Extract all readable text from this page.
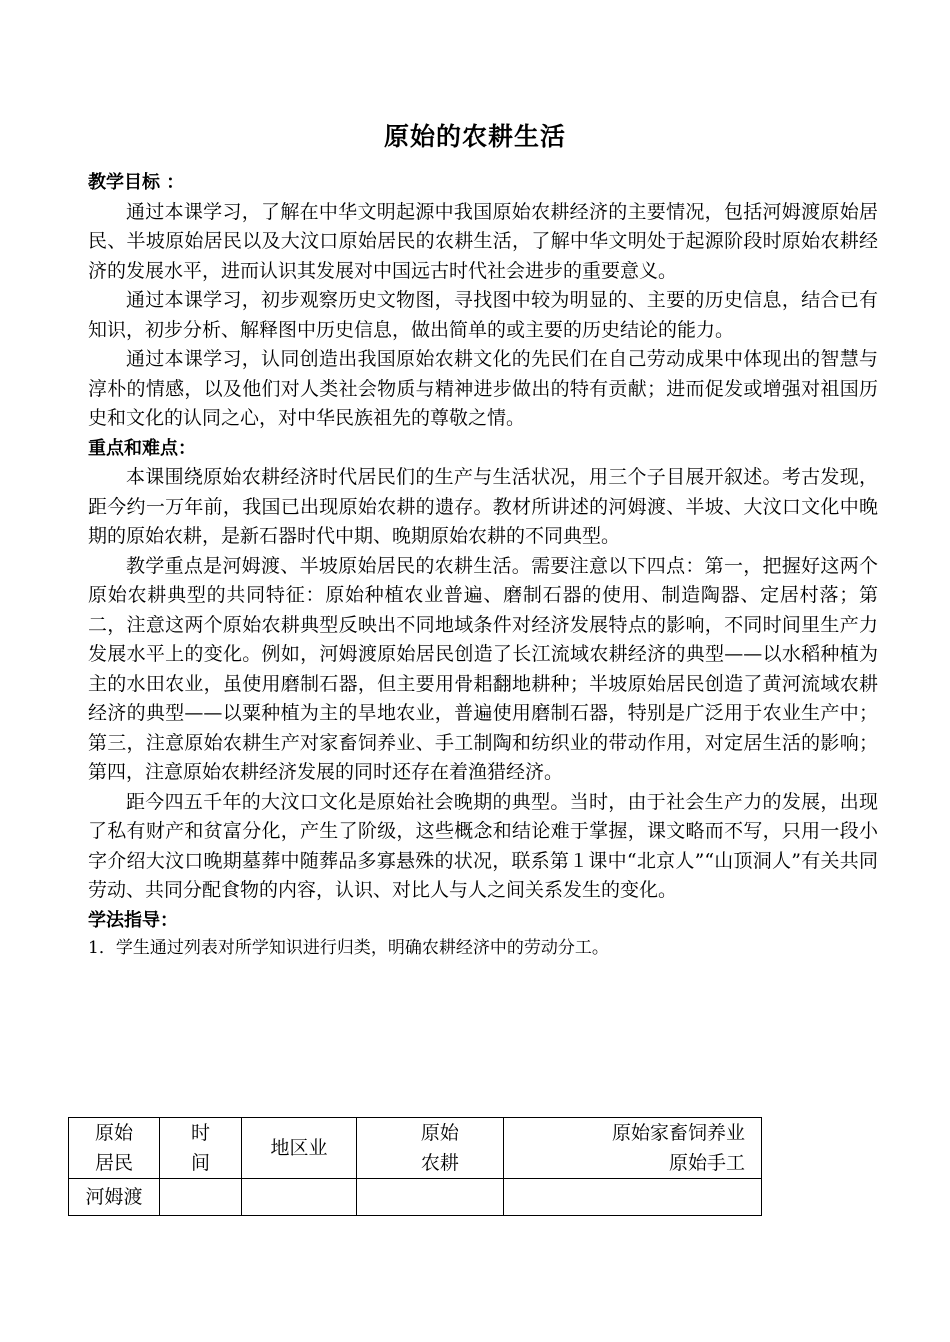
原始的农耕生活

教学目标 ：

通过本课学习，了解在中华文明起源中我国原始农耕经济的主要情况，包括河姆渡原始居民、半坡原始居民以及大汶口原始居民的农耕生活，了解中华文明处于起源阶段时原始农耕经济的发展水平，进而认识其发展对中国远古时代社会进步的重要意义。

通过本课学习，初步观察历史文物图，寻找图中较为明显的、主要的历史信息，结合已有知识，初步分析、解释图中历史信息，做出简单的或主要的历史结论的能力。

通过本课学习，认同创造出我国原始农耕文化的先民们在自己劳动成果中体现出的智慧与淳朴的情感，以及他们对人类社会物质与精神进步做出的特有贡献；进而促发或增强对祖国历史和文化的认同之心，对中华民族祖先的尊敬之情。

重点和难点：

本课围绕原始农耕经济时代居民们的生产与生活状况，用三个子目展开叙述。考古发现，距今约一万年前，我国已出现原始农耕的遗存。教材所讲述的河姆渡、半坡、大汶口文化中晚期的原始农耕，是新石器时代中期、晚期原始农耕的不同典型。

教学重点是河姆渡、半坡原始居民的农耕生活。需要注意以下四点：第一，把握好这两个原始农耕典型的共同特征：原始种植农业普遍、磨制石器的使用、制造陶器、定居村落；第二，注意这两个原始农耕典型反映出不同地域条件对经济发展特点的影响，不同时间里生产力发展水平上的变化。例如，河姆渡原始居民创造了长江流域农耕经济的典型——以水稻种植为主的水田农业，虽使用磨制石器，但主要用骨耜翻地耕种；半坡原始居民创造了黄河流域农耕经济的典型——以粟种植为主的旱地农业，普遍使用磨制石器，特别是广泛用于农业生产中；第三，注意原始农耕生产对家畜饲养业、手工制陶和纺织业的带动作用，对定居生活的影响；第四，注意原始农耕经济发展的同时还存在着渔猎经济。

距今四五千年的大汶口文化是原始社会晚期的典型。当时，由于社会生产力的发展，出现了私有财产和贫富分化，产生了阶级，这些概念和结论难于掌握，课文略而不写，只用一段小字介绍大汶口晚期墓葬中随葬品多寡悬殊的状况，联系第１课中“北京人”“山顶洞人”有关共同劳动、共同分配食物的内容，认识、对比人与人之间关系发生的变化。

学法指导：

1．学生通过列表对所学知识进行归类，明确农耕经济中的劳动分工。

原始居民	时间	地区业	原始农耕	原始家畜饲养业
原始手工

河姆渡				
